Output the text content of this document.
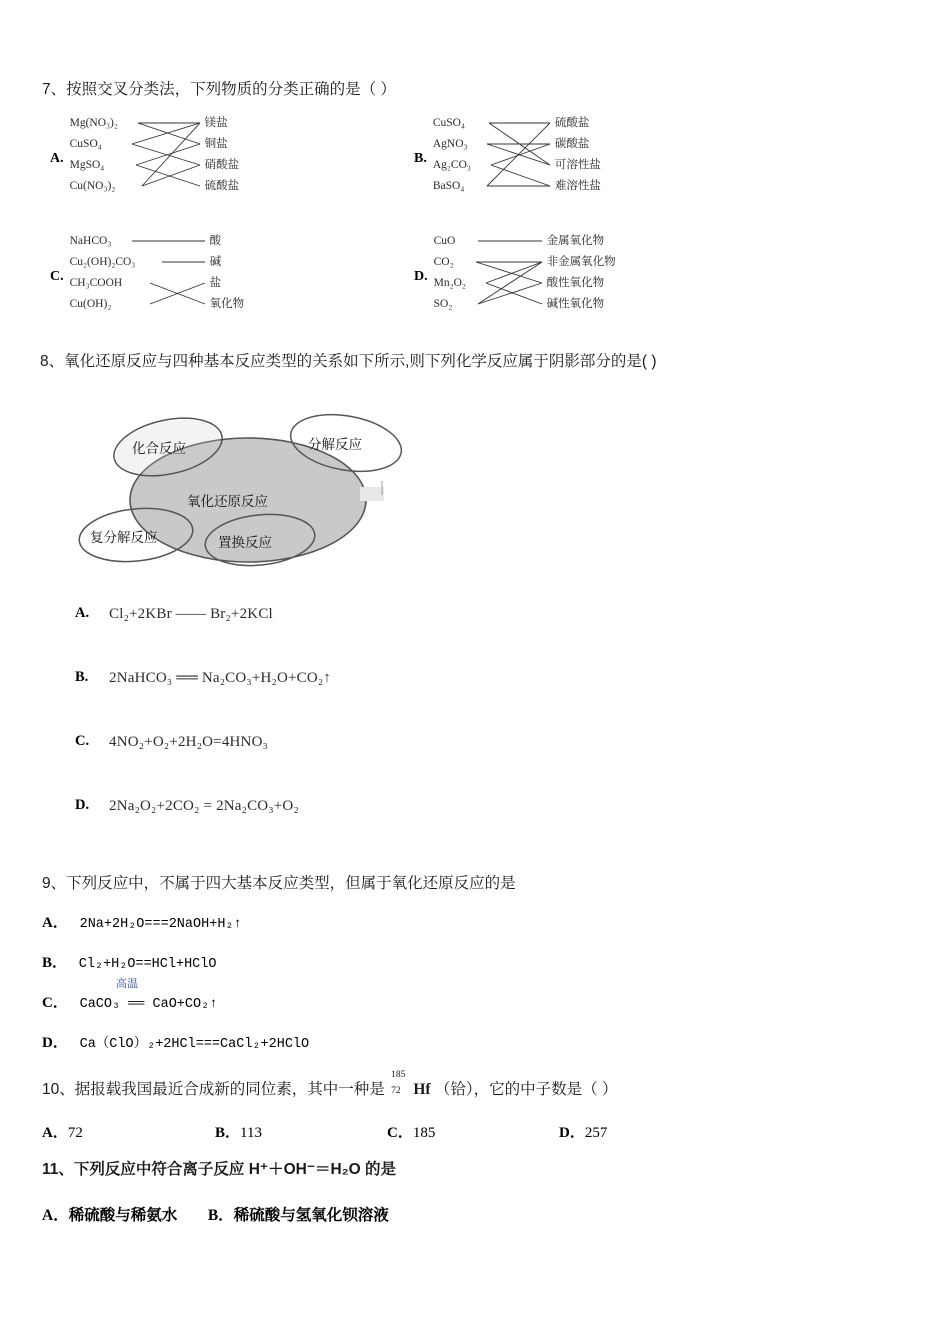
7、按照交叉分类法，下列物质的分类正确的是（ ）
A.
Mg(NO₃)₂
CuSO₄
MgSO₄
Cu(NO₃)₂
镁盐
铜盐
硝酸盐
硫酸盐
B.
CuSO₄
AgNO₃
Ag₂CO₃
BaSO₄
硫酸盐
碳酸盐
可溶性盐
难溶性盐
C.
NaHCO₃
Cu₂(OH)₂CO₃
CH₃COOH
Cu(OH)₂
酸
碱
盐
氧化物
D.
CuO
CO₂
Mn₂O₂
SO₂
金属氧化物
非金属氧化物
酸性氧化物
碱性氧化物
8、氧化还原反应与四种基本反应类型的关系如下所示,则下列化学反应属于阴影部分的是( )
化合反应	分解反应
氧化还原反应
复分解反应	置换反应
A. Cl₂+2KBr —— Br₂+2KCl
B. 2NaHCO₃ ══ Na₂CO₃+H₂O+CO₂↑
C. 4NO₂+O₂+2H₂O=4HNO₃
D. 2Na₂O₂+2CO₂ = 2Na₂CO₃+O₂
9、下列反应中，不属于四大基本反应类型，但属于氧化还原反应的是
A． 2Na+2H₂O===2NaOH+H₂↑
B． Cl₂+H₂O==HCl+HClO
C． CaCO₃ ══ CaO+CO₂↑
高温
D． Ca（ClO）₂+2HCl===CaCl₂+2HClO
10、据报载我国最近合成新的同位素，其中一种是
185
72 Hf （铪），它的中子数是（ ）
A．72	B．113	C．185	D．257
11、下列反应中符合离子反应 H⁺＋OH⁻＝H₂O 的是
A．稀硫酸与稀氨水 B．稀硫酸与氢氧化钡溶液
